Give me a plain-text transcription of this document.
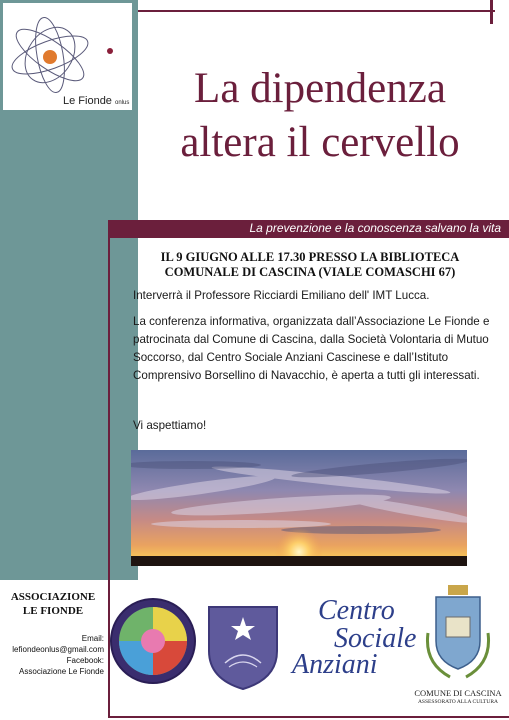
Le Fionde onlus	La dipendenza
altera il cervello
La prevenzione e la conoscenza salvano la vita
IL 9 GIUGNO ALLE 17.30 PRESSO LA BIBLIOTECA
COMUNALE DI CASCINA (VIALE COMASCHI 67)

Interverrà il Professore Ricciardi Emiliano dell' IMT Lucca.

La conferenza informativa, organizzata dall’Associazione Le Fionde e patrocinata dal Comune di Cascina, dalla Società Volontaria di Mutuo Soccorso, dal Centro Sociale Anziani Cascinese e dall’Istituto Comprensivo Borsellino di Navacchio, è aperta a tutti gli interessati.

Vi aspettiamo!

ASSOCIAZIONE
LE FIONDE
Email:
lefiondeonlus@gmail.com
Facebook:
Associazione Le Fionde
Centro
Sociale
Anziani
COMUNE DI CASCINA
ASSESSORATO ALLA CULTURA
